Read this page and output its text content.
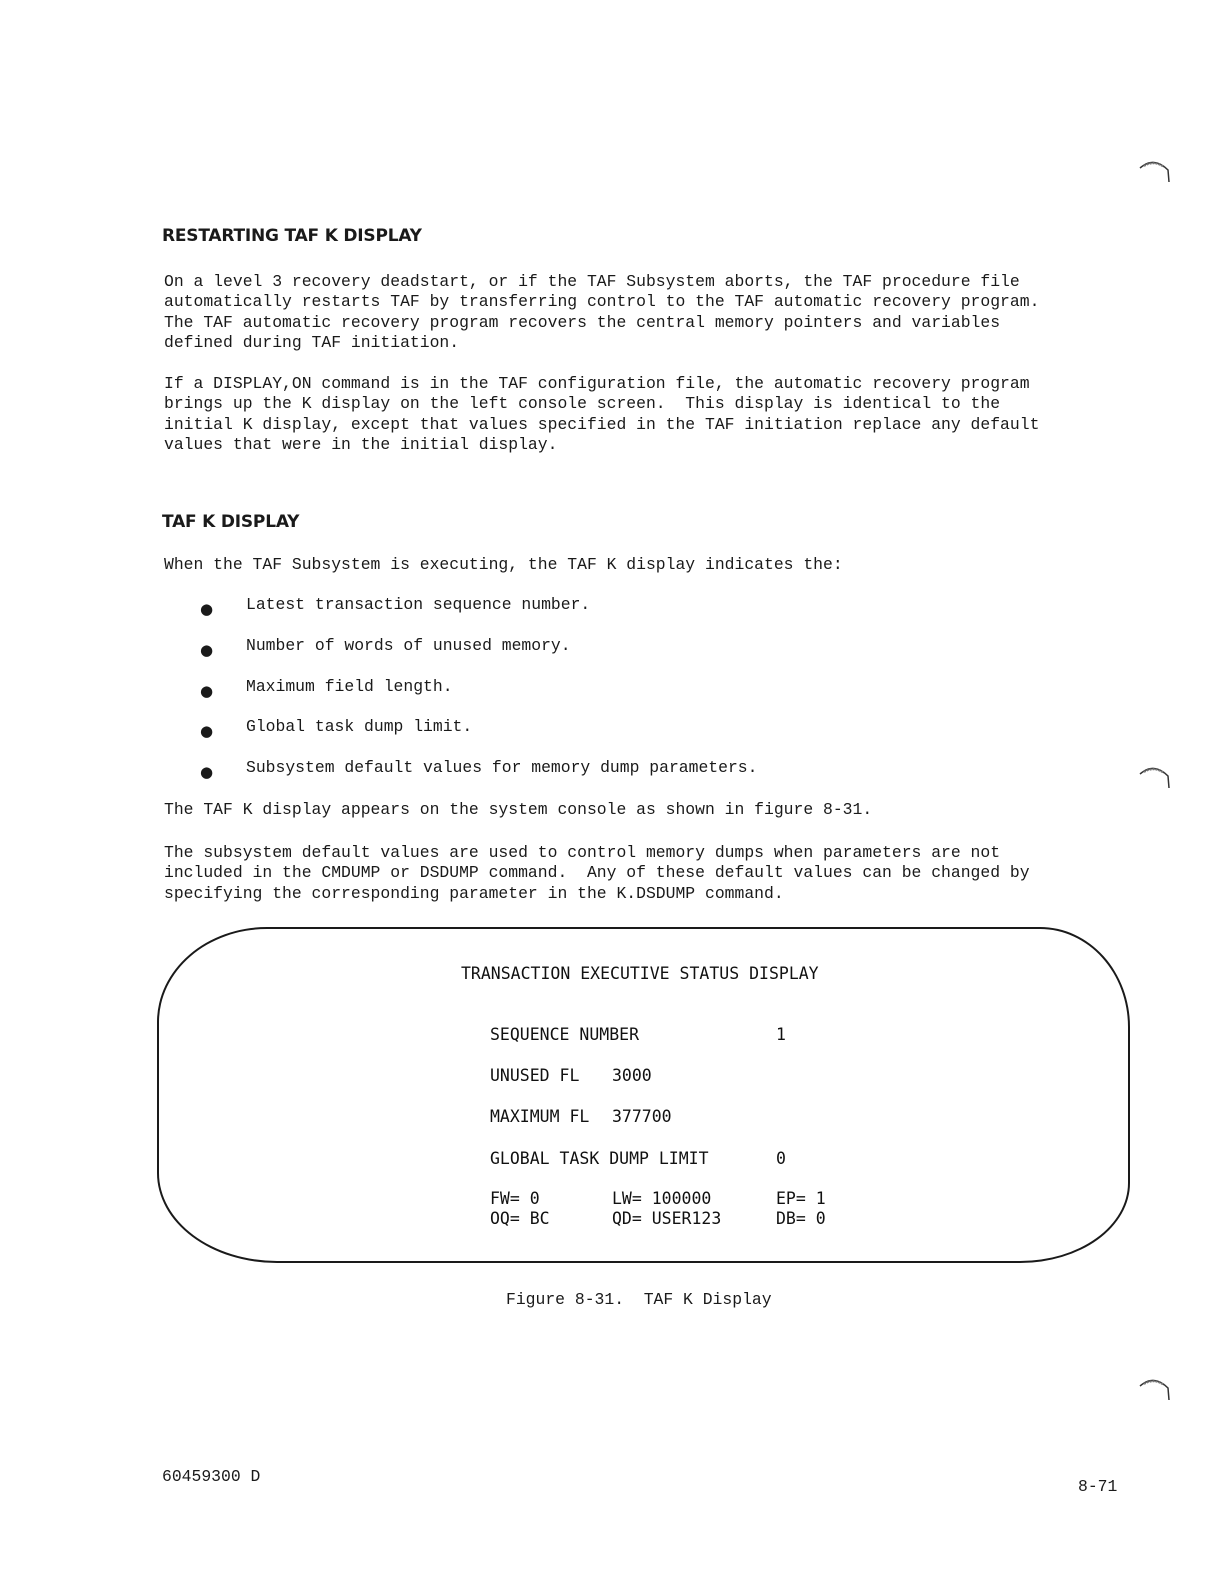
RESTARTING TAF K DISPLAY

On a level 3 recovery deadstart, or if the TAF Subsystem aborts, the TAF procedure file
automatically restarts TAF by transferring control to the TAF automatic recovery program.
The TAF automatic recovery program recovers the central memory pointers and variables
defined during TAF initiation.

If a DISPLAY,ON command is in the TAF configuration file, the automatic recovery program
brings up the K display on the left console screen.  This display is identical to the
initial K display, except that values specified in the TAF initiation replace any default
values that were in the initial display.

TAF K DISPLAY

When the TAF Subsystem is executing, the TAF K display indicates the:

● Latest transaction sequence number.
● Number of words of unused memory.
● Maximum field length.
● Global task dump limit.
● Subsystem default values for memory dump parameters.

The TAF K display appears on the system console as shown in figure 8-31.

The subsystem default values are used to control memory dumps when parameters are not
included in the CMDUMP or DSDUMP command.  Any of these default values can be changed by
specifying the corresponding parameter in the K.DSDUMP command.

TRANSACTION EXECUTIVE STATUS DISPLAY
SEQUENCE NUMBER	1
UNUSED FL 3000
MAXIMUM FL 377700
GLOBAL TASK DUMP LIMIT	0
FW= 0	LW= 100000	EP= 1
OQ= BC	QD= USER123	DB= 0
Figure 8-31.  TAF K Display
60459300 D
8-71
